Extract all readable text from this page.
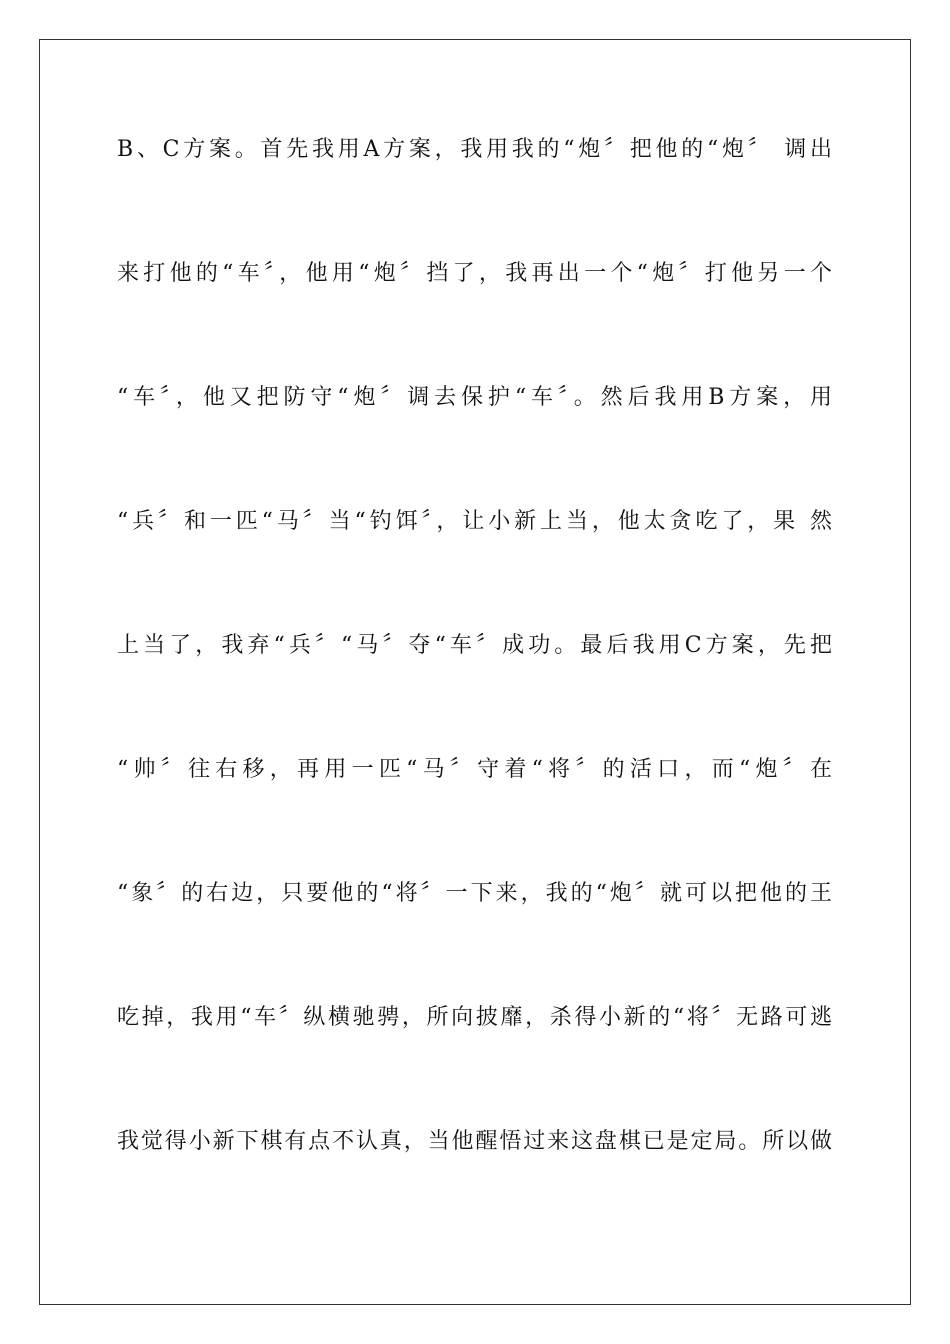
B、C方案。首先我用A方案，我用我的“炮〞把他的“炮〞 调出
来打他的“车〞，他用“炮〞挡了，我再出一个“炮〞打他另一个
“车〞，他又把防守“炮〞调去保护“车〞。然后我用B方案，用
“兵〞和一匹“马〞当“钓饵〞，让小新上当，他太贪吃了，果 然
上当了，我弃“兵〞“马〞夺“车〞成功。最后我用C方案，先把
“帅〞往右移，再用一匹“马〞守着“将〞的活口，而“炮〞在
“象〞的右边，只要他的“将〞一下来，我的“炮〞就可以把他的王
吃掉，我用“车〞纵横驰骋，所向披靡，杀得小新的“将〞无路可逃
我觉得小新下棋有点不认真，当他醒悟过来这盘棋已是定局。所以做
